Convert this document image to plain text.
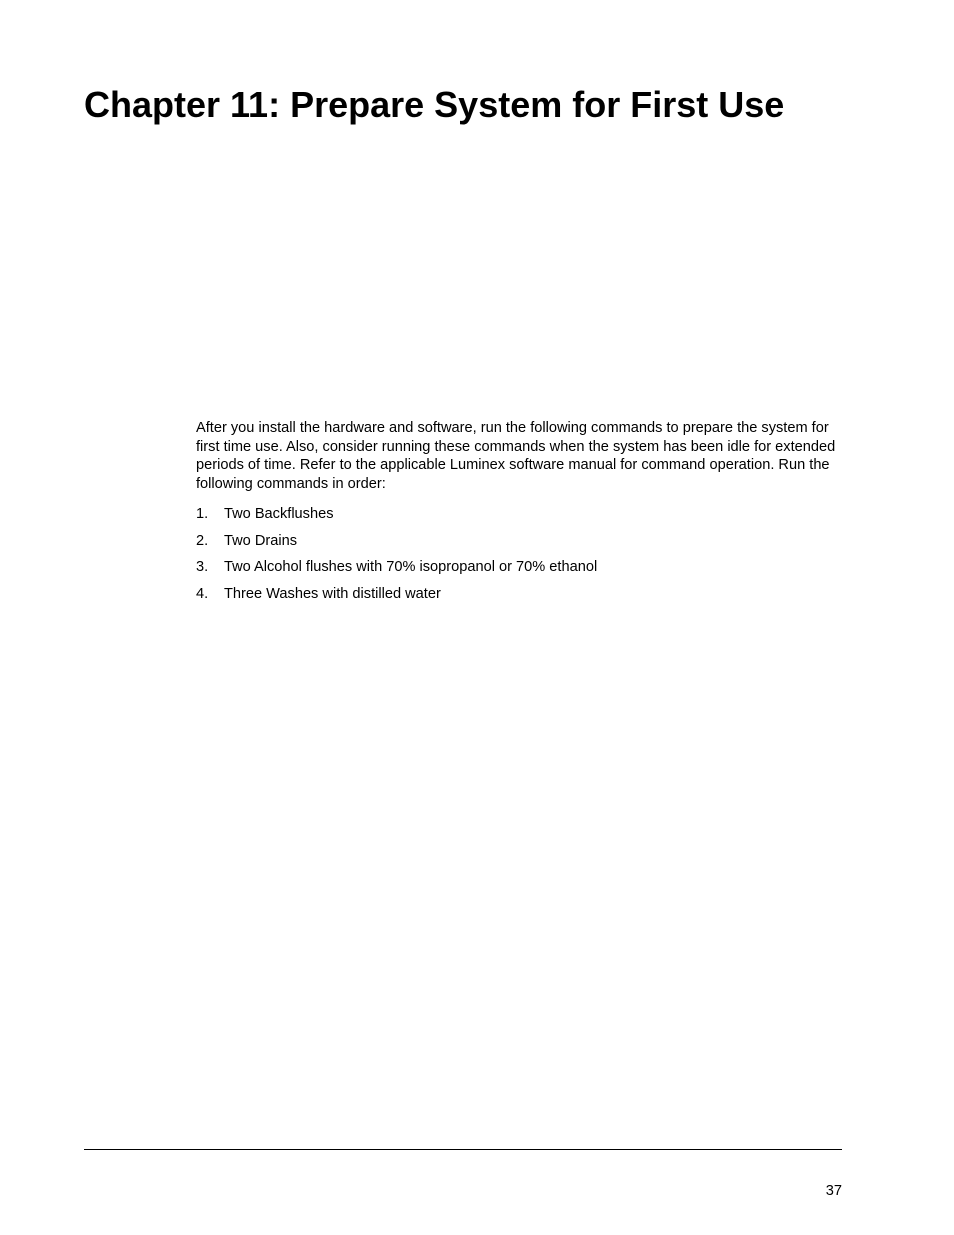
Chapter 11: Prepare System for First Use

After you install the hardware and software, run the following commands to prepare the system for first time use. Also, consider running these commands when the system has been idle for extended periods of time. Refer to the applicable Luminex software manual for command operation. Run the following commands in order:

1.	Two Backflushes
2.	Two Drains
3.	Two Alcohol flushes with 70% isopropanol or 70% ethanol
4.	Three Washes with distilled water
37
